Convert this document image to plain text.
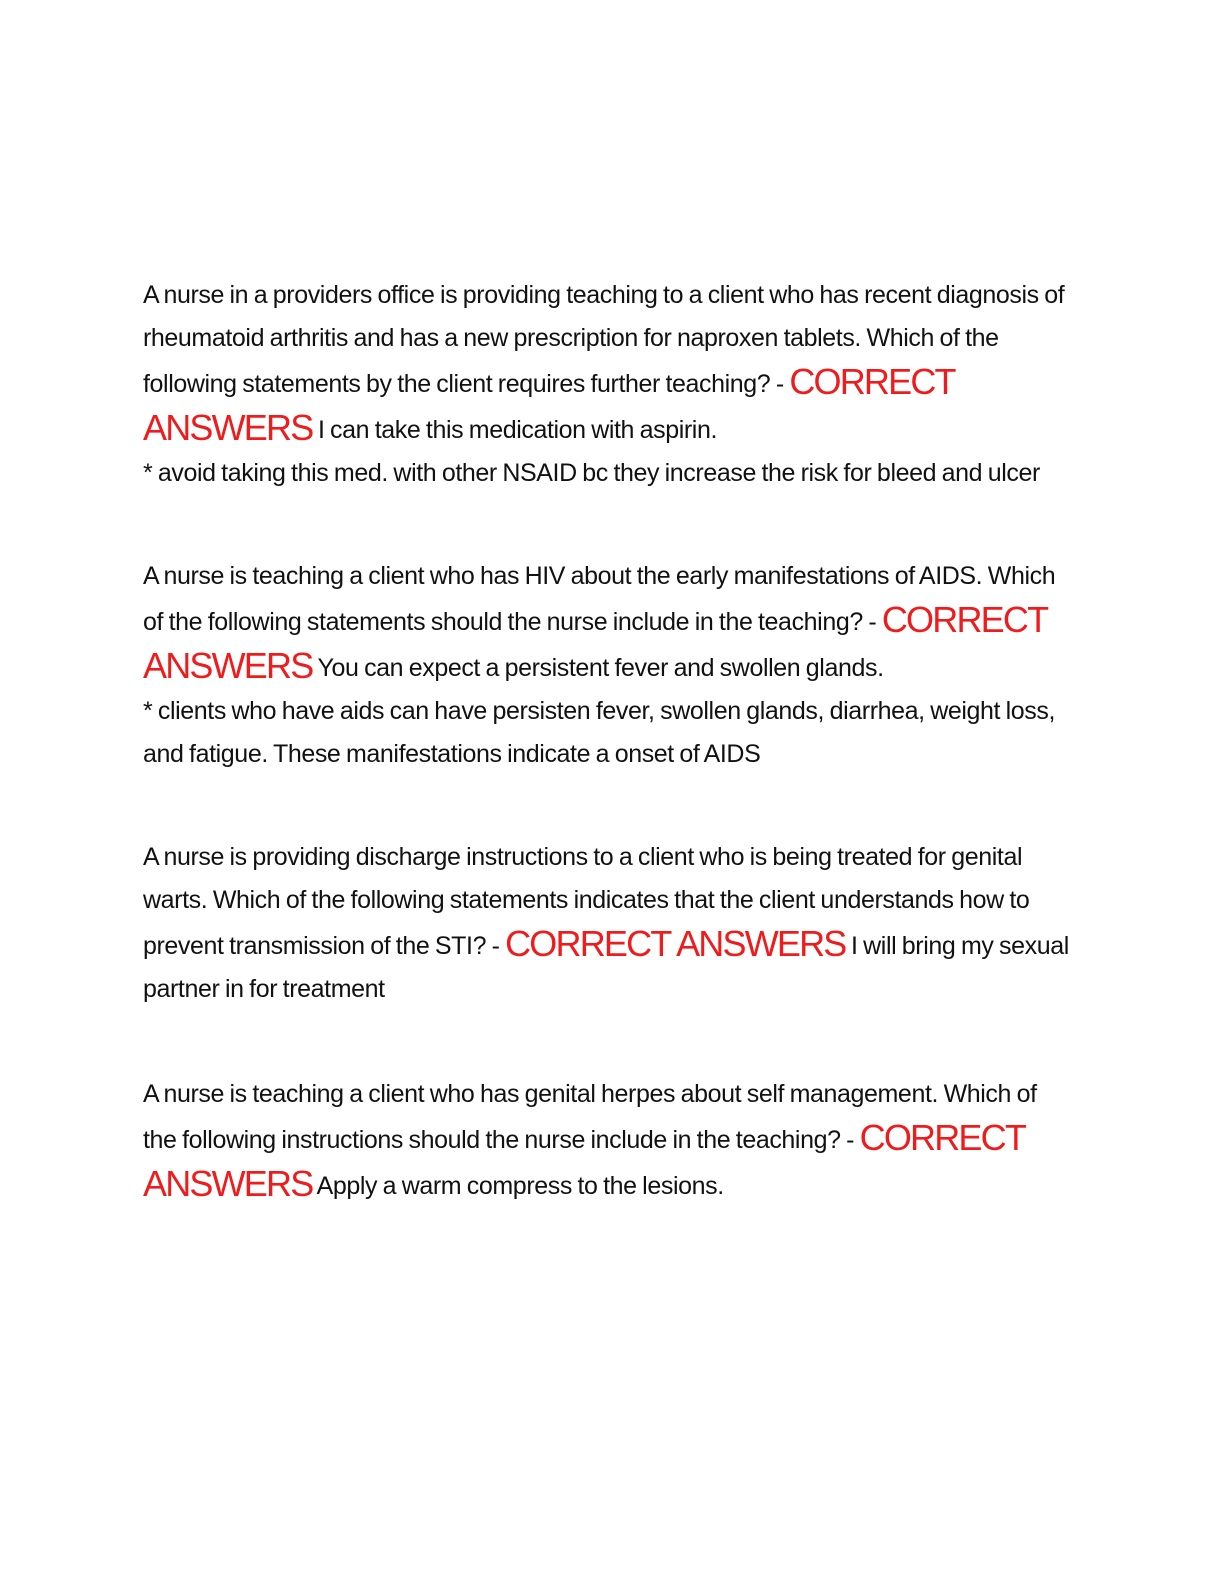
A nurse in a providers office is providing teaching to a client who has recent diagnosis of rheumatoid arthritis and has a new prescription for naproxen tablets. Which of the following statements by the client requires further teaching? - CORRECT ANSWERS I can take this medication with aspirin.

* avoid taking this med. with other NSAID bc they increase the risk for bleed and ulcer

A nurse is teaching a client who has HIV about the early manifestations of AIDS. Which of the following statements should the nurse include in the teaching? - CORRECT ANSWERS You can expect a persistent fever and swollen glands.

* clients who have aids can have persisten fever, swollen glands, diarrhea, weight loss, and fatigue. These manifestations indicate a onset of AIDS

A nurse is providing discharge instructions to a client who is being treated for genital warts. Which of the following statements indicates that the client understands how to prevent transmission of the STI? - CORRECT ANSWERS I will bring my sexual partner in for treatment

A nurse is teaching a client who has genital herpes about self management. Which of the following instructions should the nurse include in the teaching? - CORRECT ANSWERS Apply a warm compress to the lesions.
